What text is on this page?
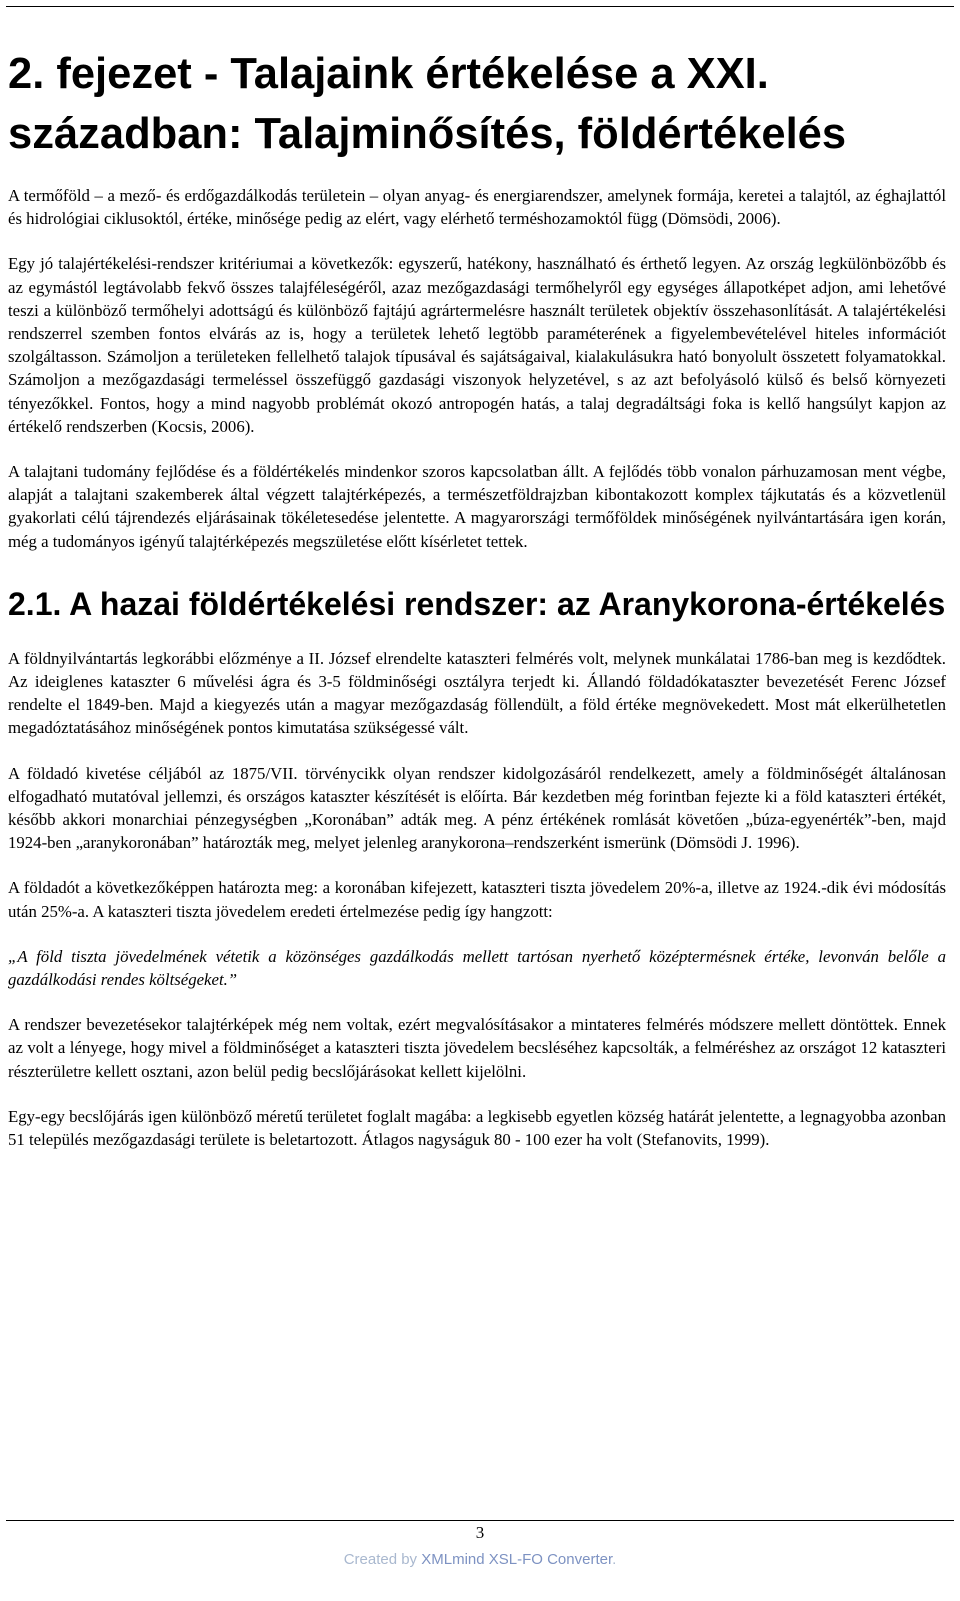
2. fejezet - Talajaink értékelése a XXI. században: Talajminősítés, földértékelés

A termőföld – a mező- és erdőgazdálkodás területein – olyan anyag- és energiarendszer, amelynek formája, keretei a talajtól, az éghajlattól és hidrológiai ciklusoktól, értéke, minősége pedig az elért, vagy elérhető terméshozamoktól függ (Dömsödi, 2006).

Egy jó talajértékelési-rendszer kritériumai a következők: egyszerű, hatékony, használható és érthető legyen. Az ország legkülönbözőbb és az egymástól legtávolabb fekvő összes talajféleségéről, azaz mezőgazdasági termőhelyről egy egységes állapotképet adjon, ami lehetővé teszi a különböző termőhelyi adottságú és különböző fajtájú agrártermelésre használt területek objektív összehasonlítását. A talajértékelési rendszerrel szemben fontos elvárás az is, hogy a területek lehető legtöbb paraméterének a figyelembevételével hiteles információt szolgáltasson. Számoljon a területeken fellelhető talajok típusával és sajátságaival, kialakulásukra ható bonyolult összetett folyamatokkal. Számoljon a mezőgazdasági termeléssel összefüggő gazdasági viszonyok helyzetével, s az azt befolyásoló külső és belső környezeti tényezőkkel. Fontos, hogy a mind nagyobb problémát okozó antropogén hatás, a talaj degradáltsági foka is kellő hangsúlyt kapjon az értékelő rendszerben (Kocsis, 2006).

A talajtani tudomány fejlődése és a földértékelés mindenkor szoros kapcsolatban állt. A fejlődés több vonalon párhuzamosan ment végbe, alapját a talajtani szakemberek által végzett talajtérképezés, a természetföldrajzban kibontakozott komplex tájkutatás és a közvetlenül gyakorlati célú tájrendezés eljárásainak tökéletesedése jelentette. A magyarországi termőföldek minőségének nyilvántartására igen korán, még a tudományos igényű talajtérképezés megszületése előtt kísérletet tettek.

2.1. A hazai földértékelési rendszer: az Aranykorona-értékelés

A földnyilvántartás legkorábbi előzménye a II. József elrendelte kataszteri felmérés volt, melynek munkálatai 1786-ban meg is kezdődtek. Az ideiglenes kataszter 6 művelési ágra és 3-5 földminőségi osztályra terjedt ki. Állandó földadókataszter bevezetését Ferenc József rendelte el 1849-ben. Majd a kiegyezés után a magyar mezőgazdaság föllendült, a föld értéke megnövekedett. Most mát elkerülhetetlen megadóztatásához minőségének pontos kimutatása szükségessé vált.

A földadó kivetése céljából az 1875/VII. törvénycikk olyan rendszer kidolgozásáról rendelkezett, amely a földminőségét általánosan elfogadható mutatóval jellemzi, és országos kataszter készítését is előírta. Bár kezdetben még forintban fejezte ki a föld kataszteri értékét, később akkori monarchiai pénzegységben „Koronában” adták meg. A pénz értékének romlását követően „búza-egyenérték”-ben, majd 1924-ben „aranykoronában” határozták meg, melyet jelenleg aranykorona–rendszerként ismerünk (Dömsödi J. 1996).

A földadót a következőképpen határozta meg: a koronában kifejezett, kataszteri tiszta jövedelem 20%-a, illetve az 1924.-dik évi módosítás után 25%-a. A kataszteri tiszta jövedelem eredeti értelmezése pedig így hangzott:

„A föld tiszta jövedelmének vétetik a közönséges gazdálkodás mellett tartósan nyerhető középtermésnek értéke, levonván belőle a gazdálkodási rendes költségeket.”

A rendszer bevezetésekor talajtérképek még nem voltak, ezért megvalósításakor a mintateres felmérés módszere mellett döntöttek. Ennek az volt a lényege, hogy mivel a földminőséget a kataszteri tiszta jövedelem becsléséhez kapcsolták, a felméréshez az országot 12 kataszteri részterületre kellett osztani, azon belül pedig becslőjárásokat kellett kijelölni.

Egy-egy becslőjárás igen különböző méretű területet foglalt magába: a legkisebb egyetlen község határát jelentette, a legnagyobba azonban 51 település mezőgazdasági területe is beletartozott. Átlagos nagyságuk 80 - 100 ezer ha volt (Stefanovits, 1999).

3
Created by XMLmind XSL-FO Converter.
